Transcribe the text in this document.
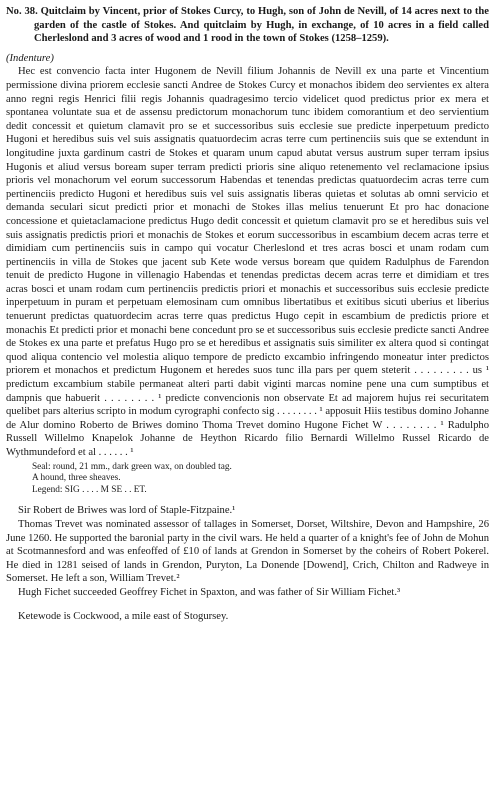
No. 38. Quitclaim by Vincent, prior of Stokes Curcy, to Hugh, son of John de Nevill, of 14 acres next to the garden of the castle of Stokes. And quitclaim by Hugh, in exchange, of 10 acres in a field called Cherleslond and 3 acres of wood and 1 rood in the town of Stokes (1258–1259).

(Indenture)

Hec est convencio facta inter Hugonem de Nevill filium Johannis de Nevill ex una parte et Vincentium permissione divina priorem ecclesie sancti Andree de Stokes Curcy et monachos ibidem deo servientes ex altera anno regni regis Henrici filii regis Johannis quadragesimo tercio videlicet quod predictus prior ex mera et spontanea voluntate sua et de assensu predictorum monachorum tunc ibidem comorantium et deo servientium dedit concessit et quietum clamavit pro se et successoribus suis ecclesie sue predicte inperpetuum predicto Hugoni et heredibus suis vel suis assignatis quatuordecim acras terre cum pertinenciis suis que se extendunt in longitudine juxta gardinum castri de Stokes et quaram unum capud abutat versus austrum super terram ipsius Hugonis et aliud versus boream super terram predicti prioris sine aliquo retenemento vel reclamacione ipsius prioris vel monachorum vel eorum successorum Habendas et tenendas predictas quatuordecim acras terre cum pertinenciis predicto Hugoni et heredibus suis vel suis assignatis liberas quietas et solutas ab omni servicio et demanda seculari sicut predicti prior et monachi de Stokes illas melius tenuerunt Et pro hac donacione concessione et quietaclamacione predictus Hugo dedit concessit et quietum clamavit pro se et heredibus suis vel suis assignatis predictis priori et monachis de Stokes et eorum successoribus in escambium decem acras terre et dimidiam cum pertinenciis suis in campo qui vocatur Cherleslond et tres acras bosci et unam rodam cum pertinenciis in villa de Stokes que jacent sub Kete wode versus boream que quidem Radulphus de Farendon tenuit de predicto Hugone in villenagio Habendas et tenendas predictas decem acras terre et dimidiam et tres acras bosci et unam rodam cum pertinenciis predictis priori et monachis et successoribus suis ecclesie predicte inperpetuum in puram et perpetuam elemosinam cum omnibus libertatibus et exitibus sicuti uberius et liberius tenuerunt predictas quatuordecim acras terre quas predictus Hugo cepit in escambium de predictis priore et monachis Et predicti prior et monachi bene concedunt pro se et successoribus suis ecclesie predicte sancti Andree de Stokes ex una parte et prefatus Hugo pro se et heredibus et assignatis suis similiter ex altera quod si contingat quod aliqua contencio vel molestia aliquo tempore de predicto excambio infringendo moneatur inter predictos priorem et monachos et predictum Hugonem et heredes suos tunc illa pars per quem steterit . . . . . . . . . us ¹ predictum excambium stabile permaneat alteri parti dabit viginti marcas nomine pene una cum sumptibus et dampnis que habuerit . . . . . . . . ¹ predicte convencionis non observate Et ad majorem hujus rei securitatem quelibet pars alterius scripto in modum cyrographi confecto sig . . . . . . . . ¹ apposuit Hiis testibus domino Johanne de Alur domino Roberto de Briwes domino Thoma Trevet domino Hugone Fichet W . . . . . . . . ¹ Radulpho Russell Willelmo Knapelok Johanne de Heython Ricardo filio Bernardi Willelmo Russel Ricardo de Wythmundeford et al . . . . . . ¹

Seal: round, 21 mm., dark green wax, on doubled tag.
A hound, three sheaves.
Legend: SIG . . . . M SE . . ET.

Sir Robert de Briwes was lord of Staple-Fitzpaine.¹

Thomas Trevet was nominated assessor of tallages in Somerset, Dorset, Wiltshire, Devon and Hampshire, 26 June 1260. He supported the baronial party in the civil wars. He held a quarter of a knight's fee of John de Mohun at Scotmannesford and was enfeoffed of £10 of lands at Grendon in Somerset by the coheirs of Robert Pokerel. He died in 1281 seised of lands in Grendon, Puryton, La Donende [Dowend], Crich, Chilton and Radweye in Somerset. He left a son, William Trevet.²

Hugh Fichet succeeded Geoffrey Fichet in Spaxton, and was father of Sir William Fichet.³

Ketewode is Cockwood, a mile east of Stogursey.
